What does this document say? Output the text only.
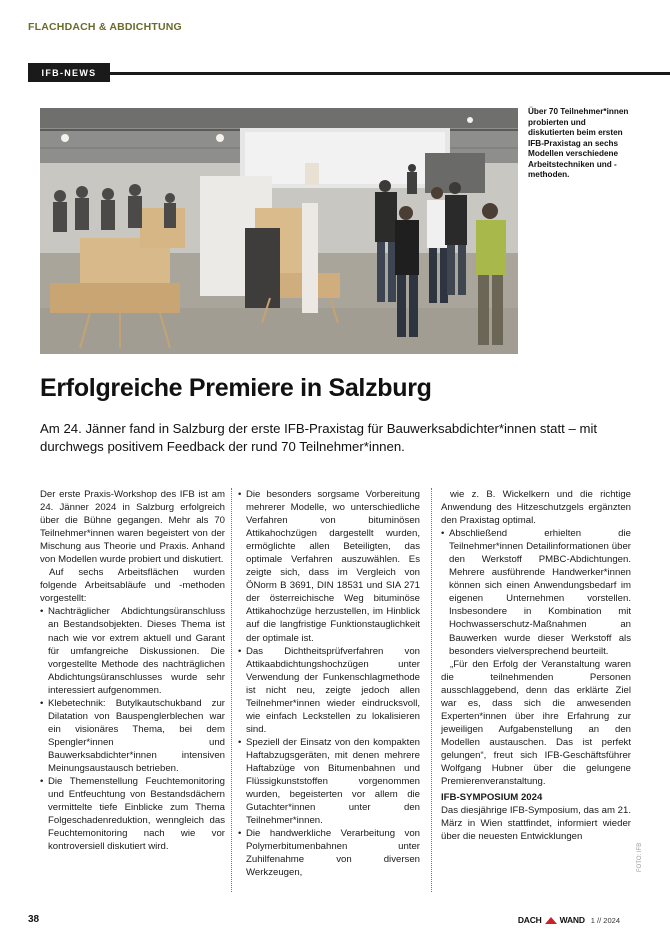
FLACHDACH & ABDICHTUNG
IFB-NEWS
Über 70 Teilnehmer*innen probierten und diskutierten beim ersten IFB-Praxistag an sechs Modellen verschiedene Arbeitstechniken und -methoden.
Erfolgreiche Premiere in Salzburg

Am 24. Jänner fand in Salzburg der erste IFB-Praxistag für Bauwerksabdichter*innen statt – mit durchwegs positivem Feedback der rund 70 Teilnehmer*innen.

Der erste Praxis-Workshop des IFB ist am 24. Jänner 2024 in Salzburg erfolgreich über die Bühne gegangen. Mehr als 70 Teilnehmer*innen waren begeistert von der Mischung aus Theorie und Praxis. Anhand von Modellen wurde probiert und diskutiert.

Auf sechs Arbeitsflächen wurden folgende Arbeitsabläufe und -methoden vorgestellt:

• Nachträglicher Abdichtungsüranschluss an Bestandsobjekten. Dieses Thema ist nach wie vor extrem aktuell und Garant für umfangreiche Diskussionen. Die vorgestellte Methode des nachträglichen Abdichtungsüranschlusses wurde sehr interessiert aufgenommen.

• Klebetechnik: Butylkautschukband zur Dilatation von Bauspenglerblechen war ein visionäres Thema, bei dem Spengler*innen und Bauwerksabdichter*innen intensiven Meinungsaustausch betrieben.

• Die Themenstellung Feuchtemonitoring und Entfeuchtung von Bestandsdächern vermittelte tiefe Einblicke zum Thema Folgeschadenreduktion, wenngleich das Feuchtemonitoring nach wie vor kontroversiell diskutiert wird.

• Die besonders sorgsame Vorbereitung mehrerer Modelle, wo unterschiedliche Verfahren von bituminösen Attikahochzügen dargestellt wurden, ermöglichte allen Beteiligten, das optimale Verfahren auszuwählen. Es zeigte sich, dass im Vergleich von ÖNorm B 3691, DIN 18531 und SIA 271 der österreichische Weg bituminöse Attikahochzüge herzustellen, im Hinblick auf die langfristige Funktionstauglichkeit der optimale ist.

• Das Dichtheitsprüfverfahren von Attikaabdichtungshochzügen unter Verwendung der Funkenschlagmethode ist nicht neu, zeigte jedoch allen Teilnehmer*innen wieder eindrucksvoll, wie einfach Leckstellen zu lokalisieren sind.

• Speziell der Einsatz von den kompakten Haftabzugsgeräten, mit denen mehrere Haftabzüge von Bitumenbahnen und Flüssigkunststoffen vorgenommen wurden, begeisterten vor allem die Gutachter*innen unter den Teilnehmer*innen.

• Die handwerkliche Verarbeitung von Polymerbitumenbahnen unter Zuhilfenahme von diversen Werkzeugen,

wie z. B. Wickelkern und die richtige Anwendung des Hitzeschutzgels ergänzten den Praxistag optimal.

• Abschließend erhielten die Teilnehmer*innen Detailinformationen über den Werkstoff PMBC-Abdichtungen. Mehrere ausführende Handwerker*innen können sich einen Anwendungsbedarf im eigenen Unternehmen vorstellen. Insbesondere in Kombination mit Hochwasserschutz-Maßnahmen an Bauwerken wurde dieser Werkstoff als besonders vielversprechend beurteilt.

„Für den Erfolg der Veranstaltung waren die teilnehmenden Personen ausschlaggebend, denn das erklärte Ziel war es, dass sich die anwesenden Experten*innen über ihre Erfahrung zur jeweiligen Aufgabenstellung an den Modellen austauschen. Das ist perfekt gelungen“, freut sich IFB-Geschäftsführer Wolfgang Hubner über die gelungene Premierenveranstaltung.

IFB-SYMPOSIUM 2024

Das diesjährige IFB-Symposium, das am 21. März in Wien stattfindet, informiert wieder über die neuesten Entwicklungen

FOTO: IFB
38	DACH WAND 1 // 2024
